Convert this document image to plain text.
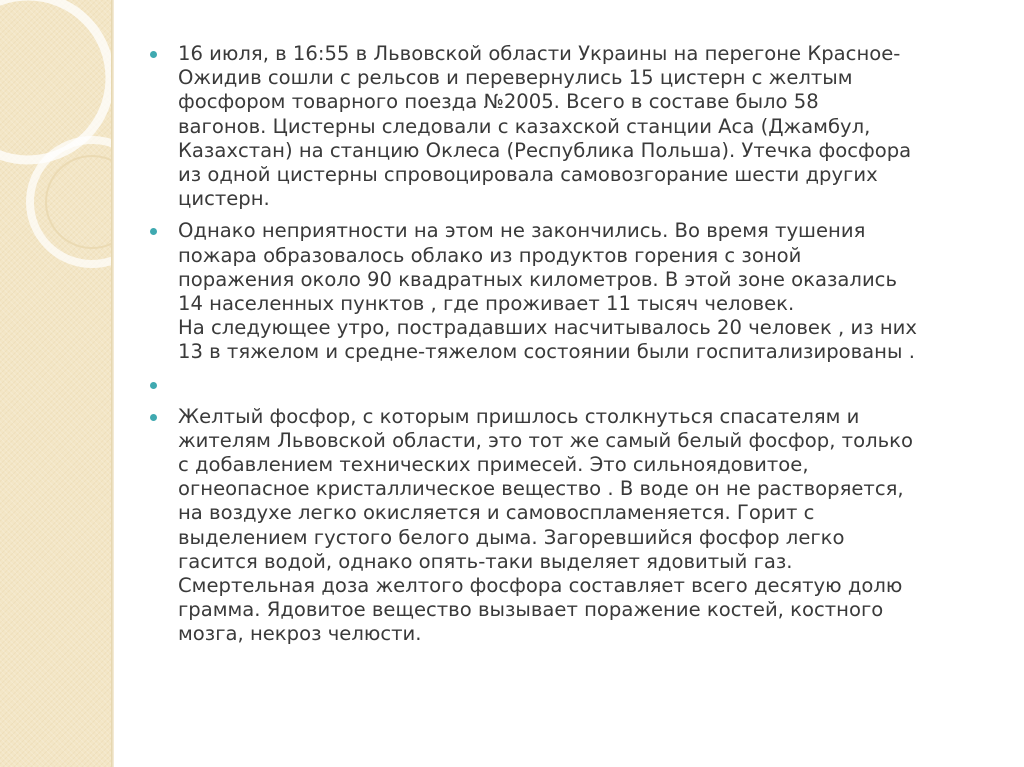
16 июля, в 16:55 в Львовской области Украины на перегоне Красное-
Ожидив сошли с рельсов и перевернулись 15 цистерн с желтым
фосфором товарного поезда №2005. Всего в составе было 58
вагонов. Цистерны следовали с казахской станции Аса (Джамбул,
Казахстан) на станцию Оклеса (Республика Польша). Утечка фосфора
из одной цистерны спровоцировала самовозгорание шести других
цистерн.
Однако неприятности на этом не закончились. Во время тушения
пожара образовалось облако из продуктов горения с зоной
поражения около 90 квадратных километров. В этой зоне оказались
14 населенных пунктов , где проживает 11 тысяч человек.
На следующее утро, пострадавших насчитывалось 20 человек , из них
13 в тяжелом и средне-тяжелом состоянии были госпитализированы .
Желтый фосфор, с которым пришлось столкнуться спасателям и
жителям Львовской области, это тот же самый белый фосфор, только
с добавлением технических примесей. Это сильноядовитое,
огнеопасное кристаллическое вещество . В воде он не растворяется,
на воздухе легко окисляется и самовоспламеняется. Горит с
выделением густого белого дыма. Загоревшийся фосфор легко
гасится водой, однако опять-таки выделяет ядовитый газ.
Смертельная доза желтого фосфора составляет всего десятую долю
грамма. Ядовитое вещество вызывает поражение костей, костного
мозга, некроз челюсти.
